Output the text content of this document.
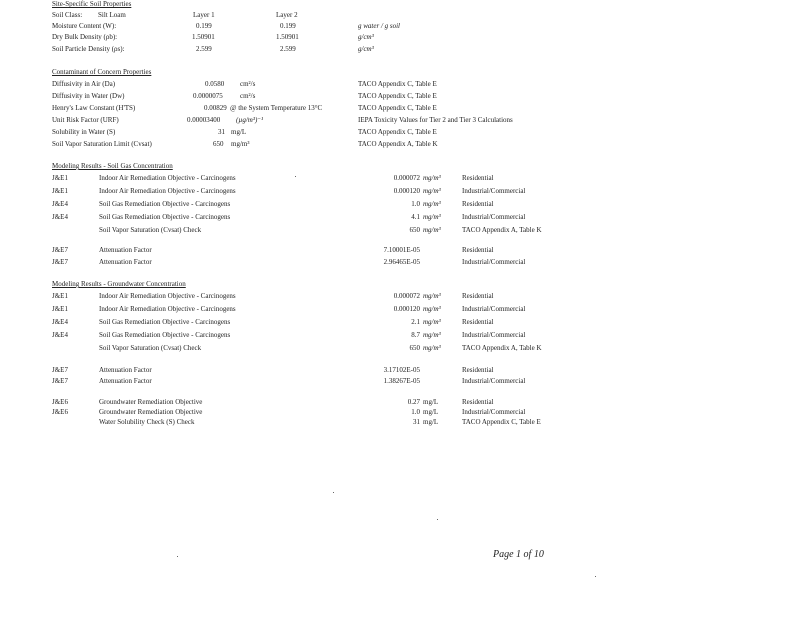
Site-Specific Soil Properties
Soil Class: Silt Loam	Layer 1	Layer 2
Moisture Content (W):	0.199	0.199	g water / g soil
Dry Bulk Density (ρb):	1.50901	1.50901	g/cm³
Soil Particle Density (ρs):	2.599	2.599	g/cm³
Contaminant of Concern Properties
Diffusivity in Air (Da)	0.0580 cm²/s	TACO Appendix C, Table E
Diffusivity in Water (Dw)	0.0000075 cm²/s	TACO Appendix C, Table E
Henry's Law Constant (H'TS)	0.00829 @ the System Temperature 13°C	TACO Appendix C, Table E
Unit Risk Factor (URF)	0.00003400 (µg/m³)⁻¹	IEPA Toxicity Values for Tier 2 and Tier 3 Calculations
Solubility in Water (S)	31 mg/L	TACO Appendix C, Table E
Soil Vapor Saturation Limit (Cvsat)	650 mg/m³	TACO Appendix A, Table K
Modeling Results - Soil Gas Concentration
J&E1	Indoor Air Remediation Objective - Carcinogens	0.000072 mg/m³	Residential
J&E1	Indoor Air Remediation Objective - Carcinogens	0.000120 mg/m³	Industrial/Commercial
J&E4	Soil Gas Remediation Objective - Carcinogens	1.0 mg/m³	Residential
J&E4	Soil Gas Remediation Objective - Carcinogens	4.1 mg/m³	Industrial/Commercial
Soil Vapor Saturation (Cvsat) Check	650 mg/m³	TACO Appendix A, Table K
J&E7	Attenuation Factor	7.10001E-05	Residential
J&E7	Attenuation Factor	2.96465E-05	Industrial/Commercial
Modeling Results - Groundwater Concentration
J&E1	Indoor Air Remediation Objective - Carcinogens	0.000072 mg/m³	Residential
J&E1	Indoor Air Remediation Objective - Carcinogens	0.000120 mg/m³	Industrial/Commercial
J&E4	Soil Gas Remediation Objective - Carcinogens	2.1 mg/m³	Residential
J&E4	Soil Gas Remediation Objective - Carcinogens	8.7 mg/m³	Industrial/Commercial
Soil Vapor Saturation (Cvsat) Check	650 mg/m³	TACO Appendix A, Table K
J&E7	Attenuation Factor	3.17102E-05	Residential
J&E7	Attenuation Factor	1.38267E-05	Industrial/Commercial
J&E6	Groundwater Remediation Objective	0.27 mg/L	Residential
J&E6	Groundwater Remediation Objective	1.0 mg/L	Industrial/Commercial
Water Solubility Check (S) Check	31 mg/L	TACO Appendix C, Table E
Page 1 of 10
